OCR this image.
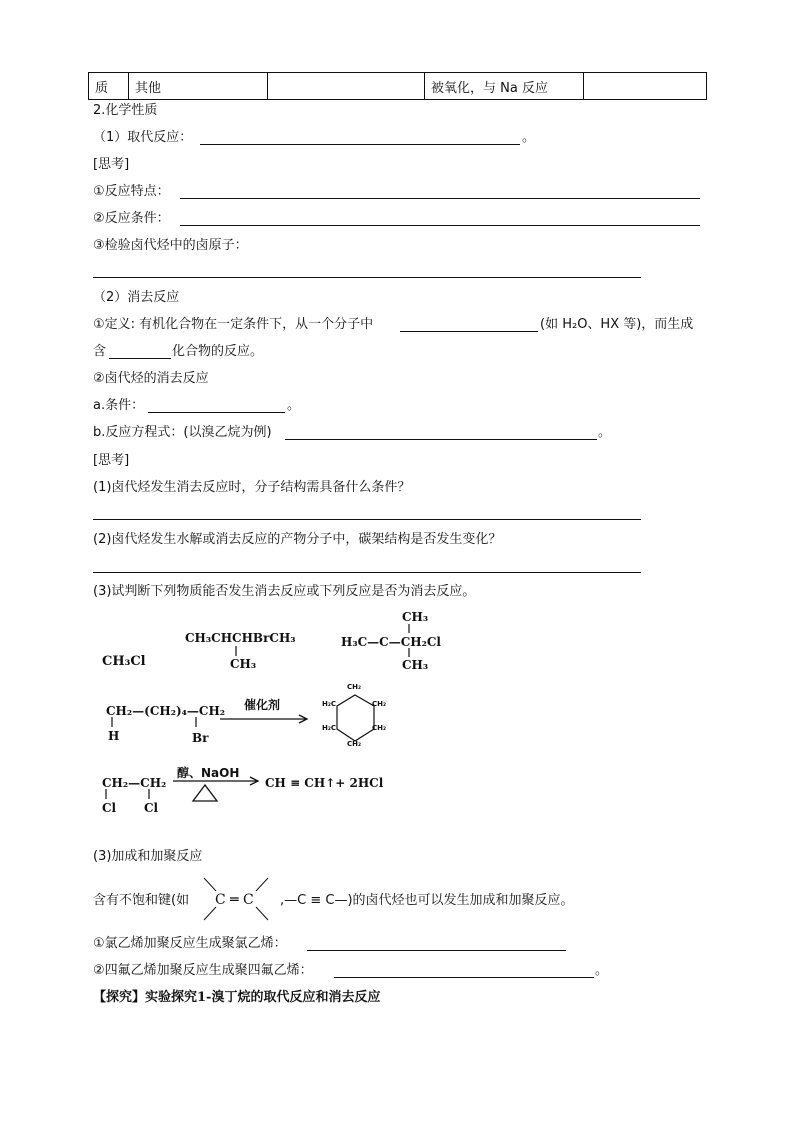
质	其他		被氧化，与 Na 反应	
2.化学性质
（1）取代反应：	。
[思考]
①反应特点：
②反应条件：
③检验卤代烃中的卤原子：
（2）消去反应
①定义: 有机化合物在一定条件下，从一个分子中	(如 H₂O、HX 等)，而生成
含	化合物的反应。
②卤代烃的消去反应
a.条件：	。
b.反应方程式：(以溴乙烷为例)	。
[思考]
(1)卤代烃发生消去反应时，分子结构需具备什么条件？
(2)卤代烃发生水解或消去反应的产物分子中，碳架结构是否发生变化？
(3)试判断下列物质能否发生消去反应或下列反应是否为消去反应。
CH₃Cl
CH₃CHCHBrCH₃
CH₃
CH₃
H₃C—C—CH₂Cl
CH₃
CH₂—(CH₂)₄—CH₂
H	Br
催化剂
CH₂
H₂C	CH₂
H₂C	CH₂
CH₂
CH₂—CH₂
Cl Cl
醇、NaOH
CH ≡ CH↑+ 2HCl
(3)加成和加聚反应
含有不饱和键(如 C ═ C ,—C ≡ C—)的卤代烃也可以发生加成和加聚反应。
①氯乙烯加聚反应生成聚氯乙烯：
②四氟乙烯加聚反应生成聚四氟乙烯：	。
【探究】实验探究1-溴丁烷的取代反应和消去反应
